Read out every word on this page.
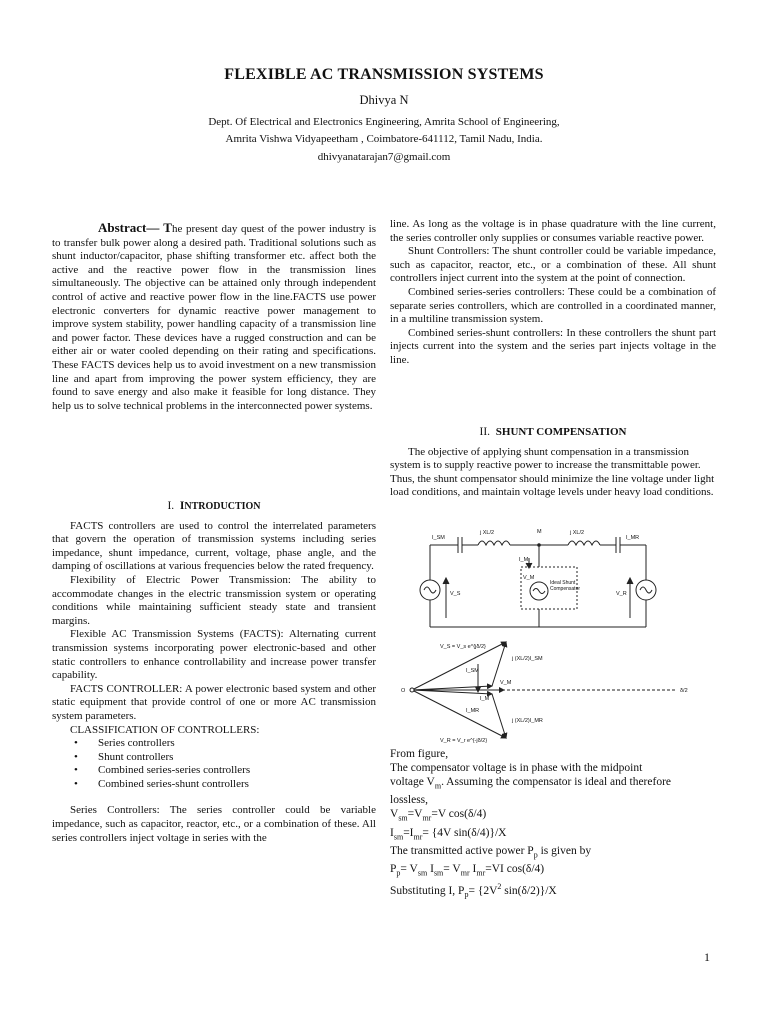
FLEXIBLE AC TRANSMISSION SYSTEMS
Dhivya N
Dept. Of Electrical and Electronics Engineering, Amrita School of Engineering,
Amrita Vishwa Vidyapeetham , Coimbatore-641112, Tamil Nadu, India.
dhivyanatarajan7@gmail.com

Abstract— The present day quest of the power industry is to transfer bulk power along a desired path. Traditional solutions such as shunt inductor/capacitor, phase shifting transformer etc. affect both the active and the reactive power flow in the transmission lines simultaneously. The objective can be attained only through independent control of active and reactive power flow in the line.FACTS use power electronic converters for dynamic reactive power management to improve system stability, power handling capacity of a transmission line and power factor. These devices have a rugged construction and can be either air or water cooled depending on their rating and specifications. These FACTS devices help us to avoid investment on a new transmission line and apart from improving the power system efficiency, they are found to save energy and also make it feasible for long distance. They help us to solve technical problems in the interconnected power systems.

I. INTRODUCTION

FACTS controllers are used to control the interrelated parameters that govern the operation of transmission systems including series impedance, shunt impedance, current, voltage, phase angle, and the damping of oscillations at various frequencies below the rated frequency.

Flexibility of Electric Power Transmission: The ability to accommodate changes in the electric transmission system or operating conditions while maintaining sufficient steady state and transient margins.

Flexible AC Transmission Systems (FACTS): Alternating current transmission systems incorporating power electronic-based and other static controllers to enhance controllability and increase power transfer capability.

FACTS CONTROLLER: A power electronic based system and other static equipment that provide control of one or more AC transmission system parameters.

CLASSIFICATION OF CONTROLLERS:

• Series controllers
• Shunt controllers
• Combined series-series controllers
• Combined series-shunt controllers

Series Controllers: The series controller could be variable impedance, such as capacitor, reactor, etc., or a combination of these. All series controllers inject voltage in series with the

line. As long as the voltage is in phase quadrature with the line current, the series controller only supplies or consumes variable reactive power.

Shunt Controllers: The shunt controller could be variable impedance, such as capacitor, reactor, etc., or a combination of these. All shunt controllers inject current into the system at the point of connection.

Combined series-series controllers: These could be a combination of separate series controllers, which are controlled in a coordinated manner, in a multiline transmission system.

Combined series-shunt controllers: In these controllers the shunt part injects current into the system and the series part injects voltage in the line.

II. SHUNT COMPENSATION

The objective of applying shunt compensation in a transmission system is to supply reactive power to increase the transmittable power. Thus, the shunt compensator should minimize the line voltage under light load conditions, and maintain voltage levels under heavy load conditions.

I_SM
j XL/2	M	j XL/2
I_MR
I_M
V_M
V_S	V_R
Ideal Shunt Compensator
V_S = V_s e^{jδ/2}
V_R = V_r e^{-jδ/2}
O
I_SM
I_MR
I_M
V_M
j (XL/2)I_SM
j (XL/2)I_MR
δ/2

From figure,

The compensator voltage is in phase with the midpoint

voltage $V_m$. Assuming the compensator is ideal and therefore

lossless,

$V_{sm}=V_{mr}=V$ cos(δ/4)

$I_{sm}=I_{mr}= \{4V$ sin(δ/4)}/X

The transmitted active power $P_p$ is given by

$P_p= V_{sm}$ $I_{sm}= V_{mr}$ $I_{mr}=VI$ cos(δ/4)

Substituting I, $P_p= \{2V^2$ sin(δ/2)}/X

1
